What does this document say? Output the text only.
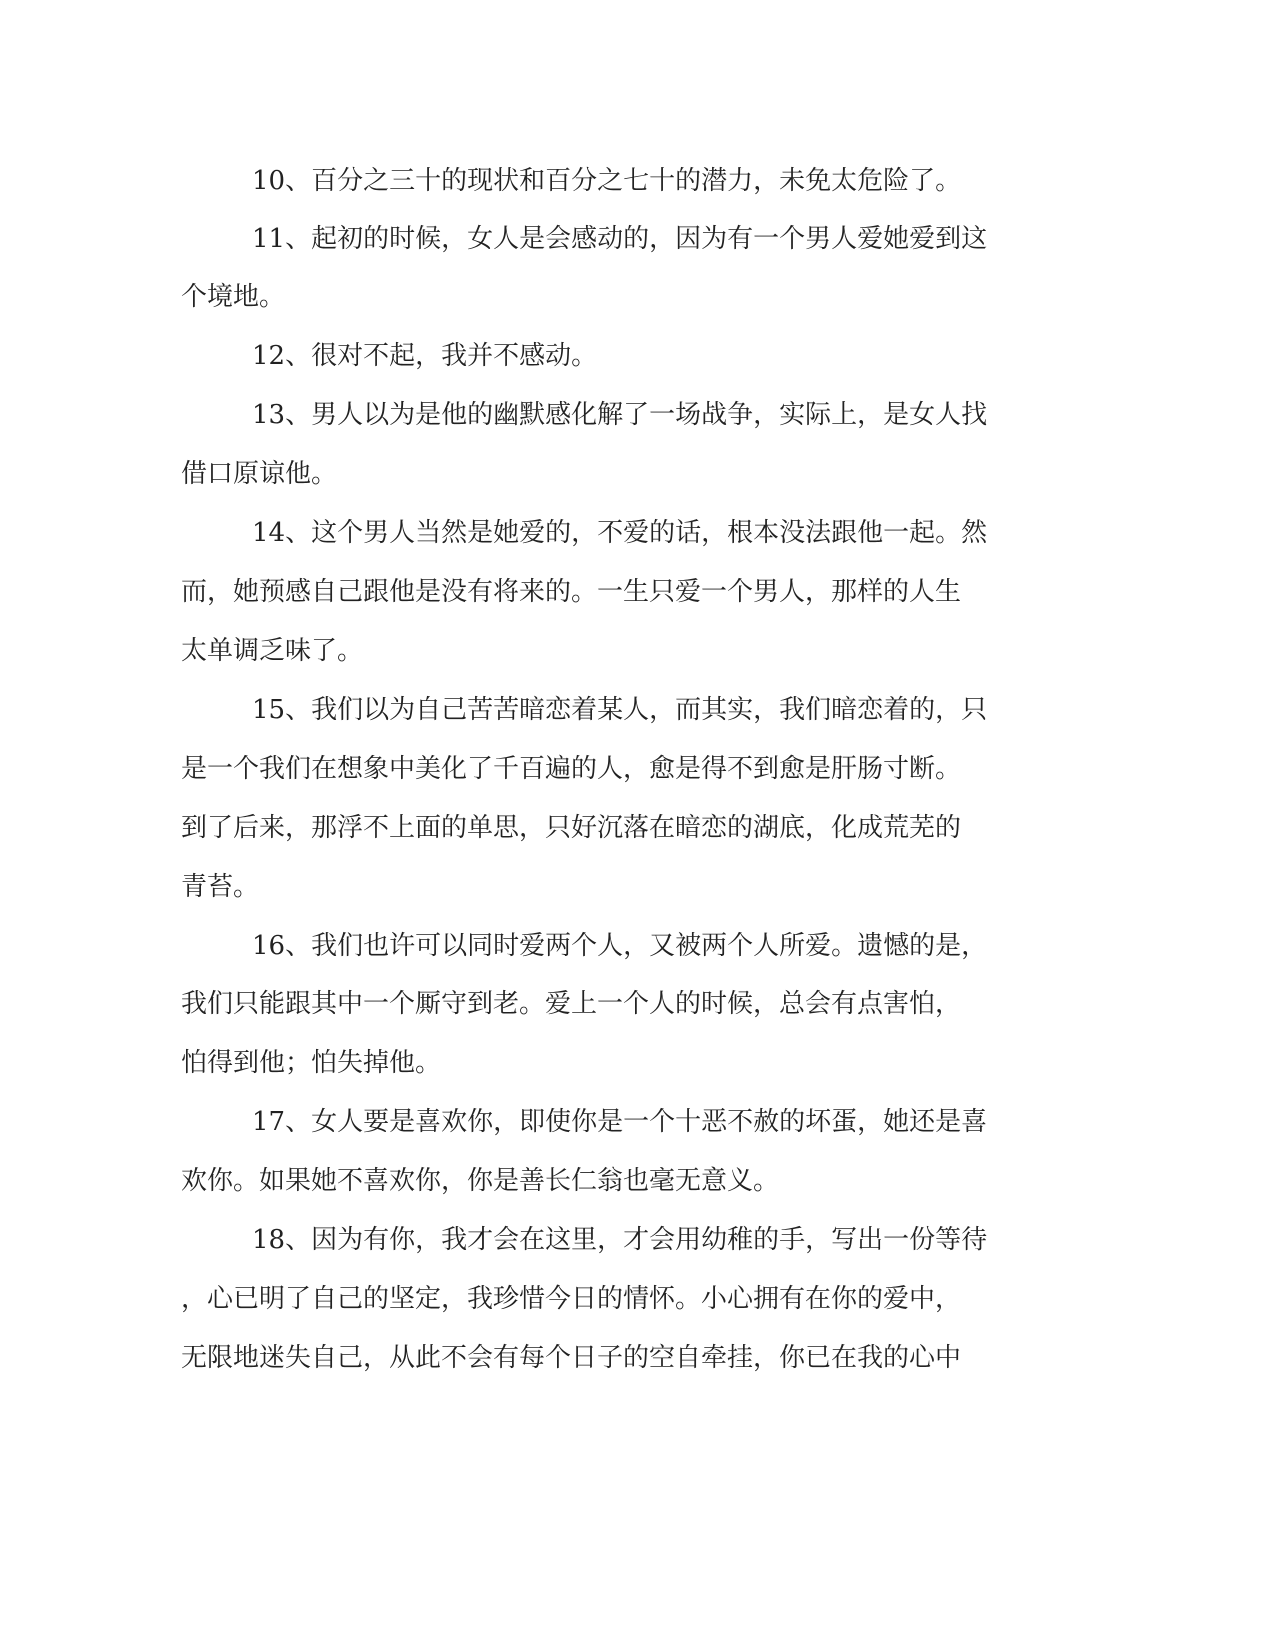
10、百分之三十的现状和百分之七十的潜力，未免太危险了。
11、起初的时候，女人是会感动的，因为有一个男人爱她爱到这
个境地。
12、很对不起，我并不感动。
13、男人以为是他的幽默感化解了一场战争，实际上，是女人找
借口原谅他。
14、这个男人当然是她爱的，不爱的话，根本没法跟他一起。然
而，她预感自己跟他是没有将来的。一生只爱一个男人，那样的人生
太单调乏味了。
15、我们以为自己苦苦暗恋着某人，而其实，我们暗恋着的，只
是一个我们在想象中美化了千百遍的人，愈是得不到愈是肝肠寸断。
到了后来，那浮不上面的单思，只好沉落在暗恋的湖底，化成荒芜的
青苔。
16、我们也许可以同时爱两个人，又被两个人所爱。遗憾的是，
我们只能跟其中一个厮守到老。爱上一个人的时候，总会有点害怕，
怕得到他；怕失掉他。
17、女人要是喜欢你，即使你是一个十恶不赦的坏蛋，她还是喜
欢你。如果她不喜欢你，你是善长仁翁也毫无意义。
18、因为有你，我才会在这里，才会用幼稚的手，写出一份等待
，心已明了自己的坚定，我珍惜今日的情怀。小心拥有在你的爱中，
无限地迷失自己，从此不会有每个日子的空自牵挂，你已在我的心中
